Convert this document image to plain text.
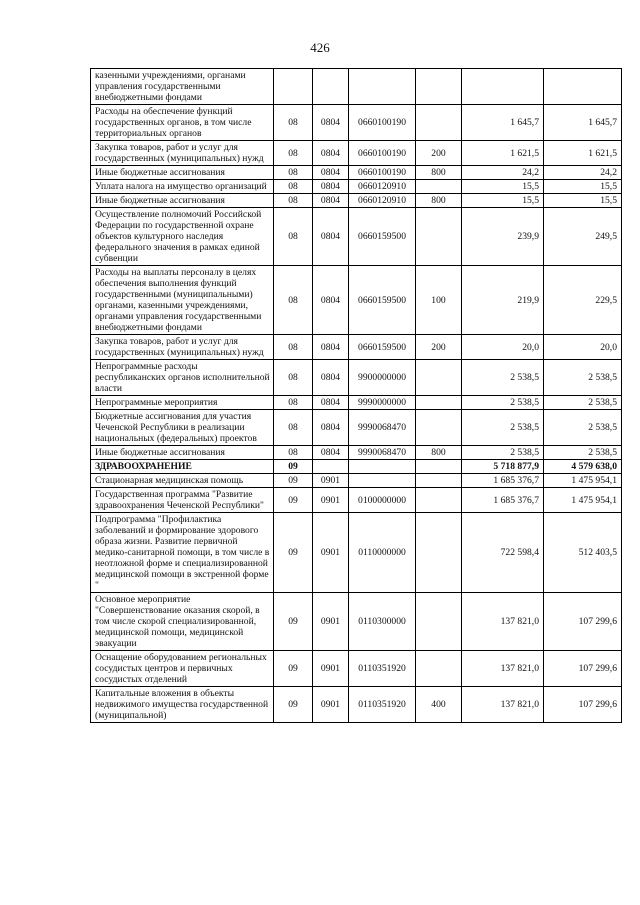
426
казенными учреждениями, органами управления государственными внебюджетными фондами						
Расходы на обеспечение функций государственных органов, в том числе территориальных органов	08	0804	0660100190		1 645,7	1 645,7
Закупка товаров, работ и услуг для государственных (муниципальных) нужд	08	0804	0660100190	200	1 621,5	1 621,5
Иные бюджетные ассигнования	08	0804	0660100190	800	24,2	24,2
Уплата налога на имущество организаций	08	0804	0660120910		15,5	15,5
Иные бюджетные ассигнования	08	0804	0660120910	800	15,5	15,5
Осуществление полномочий Российской Федерации по государственной охране объектов культурного наследия федерального значения в рамках единой субвенции	08	0804	0660159500		239,9	249,5
Расходы на выплаты персоналу в целях обеспечения выполнения функций государственными (муниципальными) органами, казенными учреждениями, органами управления государственными внебюджетными фондами	08	0804	0660159500	100	219,9	229,5
Закупка товаров, работ и услуг для государственных (муниципальных) нужд	08	0804	0660159500	200	20,0	20,0
Непрограммные расходы республиканских органов исполнительной власти	08	0804	9900000000		2 538,5	2 538,5
Непрограммные мероприятия	08	0804	9990000000		2 538,5	2 538,5
Бюджетные ассигнования для участия Чеченской Республики в реализации национальных (федеральных) проектов	08	0804	9990068470		2 538,5	2 538,5
Иные бюджетные ассигнования	08	0804	9990068470	800	2 538,5	2 538,5
ЗДРАВООХРАНЕНИЕ	09				5 718 877,9	4 579 638,0
Стационарная медицинская помощь	09	0901			1 685 376,7	1 475 954,1
Государственная программа "Развитие здравоохранения Чеченской Республики"	09	0901	0100000000		1 685 376,7	1 475 954,1
Подпрограмма "Профилактика заболеваний и формирование здорового образа жизни. Развитие первичной медико-санитарной помощи, в том числе в неотложной форме и специализированной медицинской помощи в экстренной форме "	09	0901	0110000000		722 598,4	512 403,5
Основное мероприятие "Совершенствование оказания скорой, в том числе скорой специализированной, медицинской помощи, медицинской эвакуации	09	0901	0110300000		137 821,0	107 299,6
Оснащение оборудованием региональных сосудистых центров и первичных сосудистых отделений	09	0901	0110351920		137 821,0	107 299,6
Капитальные вложения в объекты недвижимого имущества государственной (муниципальной)	09	0901	0110351920	400	137 821,0	107 299,6
